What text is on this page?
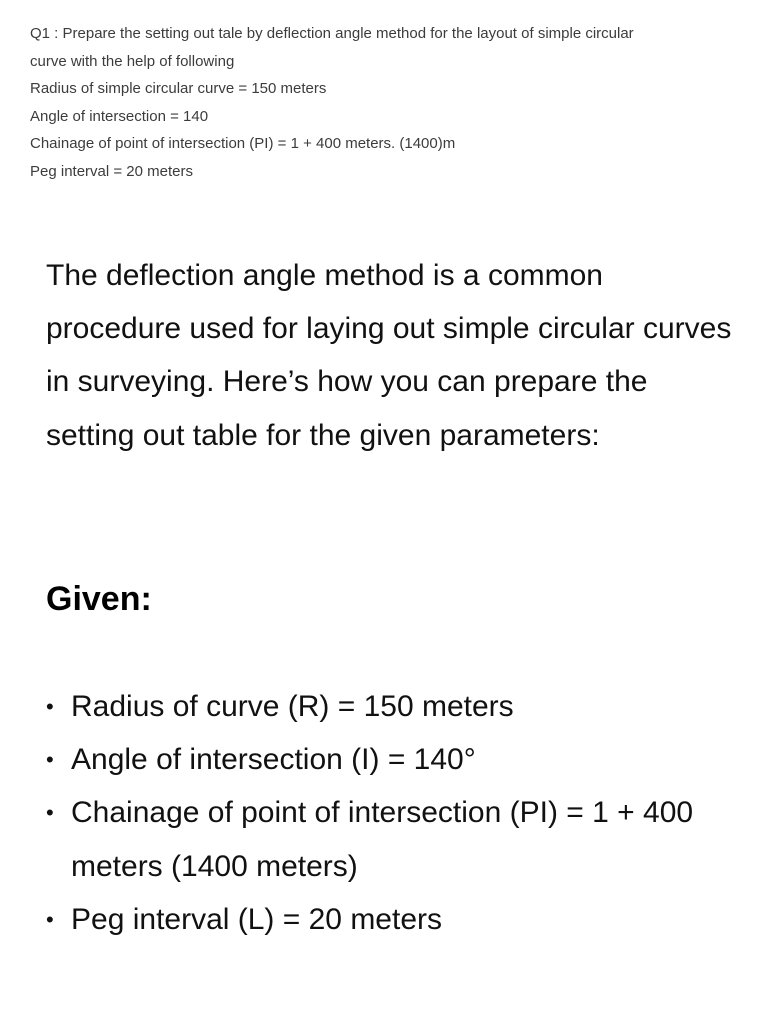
Q1 : Prepare the setting out tale by deflection angle method for the layout of simple circular
curve with the help of following
Radius of simple circular curve = 150 meters
Angle of intersection = 140
Chainage of point of intersection (PI) = 1 + 400 meters. (1400)m
Peg interval = 20 meters

The deflection angle method is a common procedure used for laying out simple circular curves in surveying. Here’s how you can prepare the setting out table for the given parameters:

Given:
• Radius of curve (R) = 150 meters
• Angle of intersection (I) = 140°
• Chainage of point of intersection (PI) = 1 + 400 meters (1400 meters)
• Peg interval (L) = 20 meters
